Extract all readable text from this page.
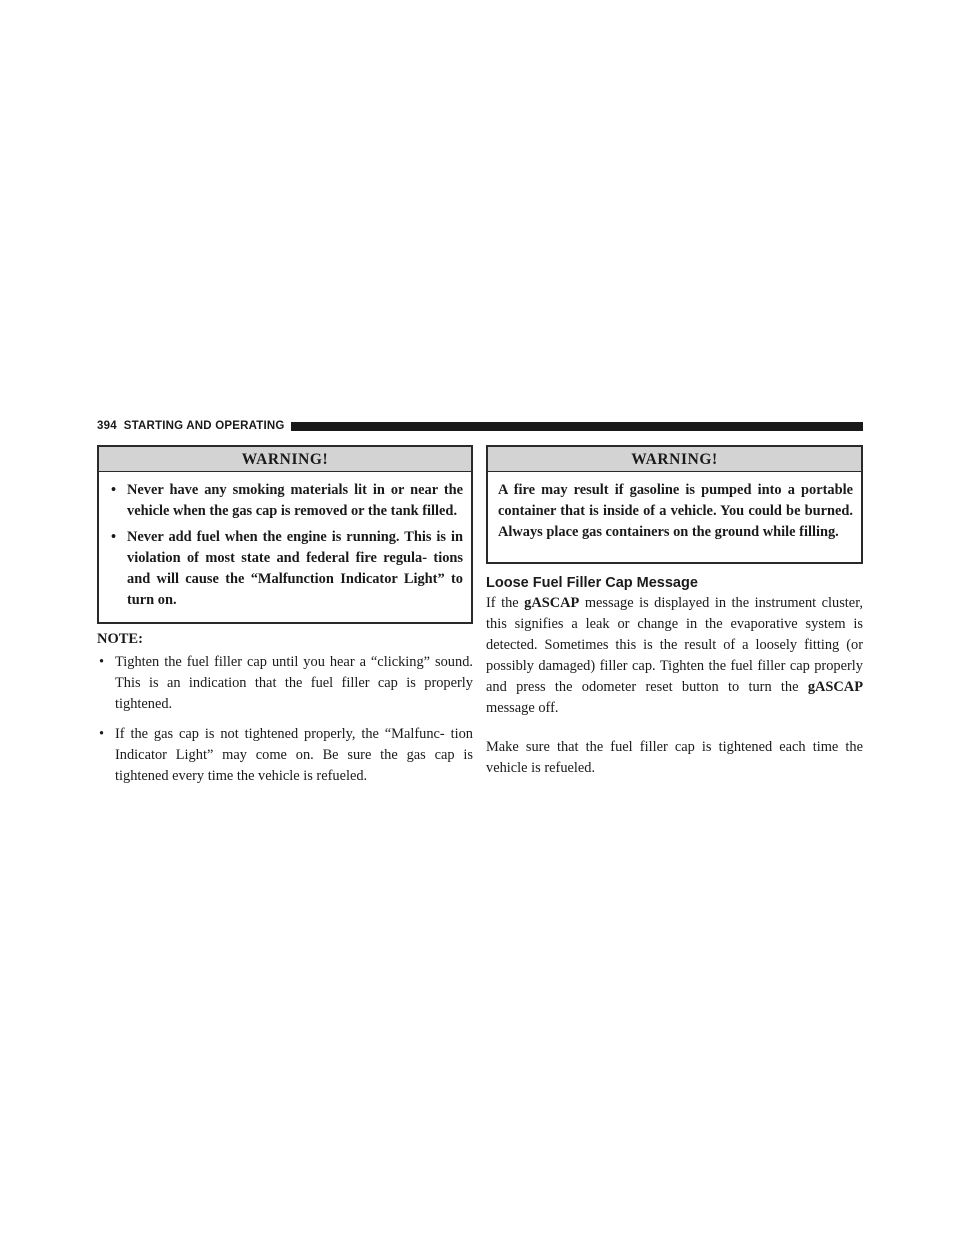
394 STARTING AND OPERATING
WARNING!
• Never have any smoking materials lit in or near the vehicle when the gas cap is removed or the tank filled.
• Never add fuel when the engine is running. This is in violation of most state and federal fire regula- tions and will cause the “Malfunction Indicator Light” to turn on.
NOTE:
• Tighten the fuel filler cap until you hear a “clicking” sound. This is an indication that the fuel filler cap is properly tightened.
• If the gas cap is not tightened properly, the “Malfunc- tion Indicator Light” may come on. Be sure the gas cap is tightened every time the vehicle is refueled.
WARNING!
A fire may result if gasoline is pumped into a portable container that is inside of a vehicle. You could be burned. Always place gas containers on the ground while filling.
Loose Fuel Filler Cap Message

If the gASCAP message is displayed in the instrument cluster, this signifies a leak or change in the evaporative system is detected. Sometimes this is the result of a loosely fitting (or possibly damaged) filler cap. Tighten the fuel filler cap properly and press the odometer reset button to turn the gASCAP message off.

Make sure that the fuel filler cap is tightened each time the vehicle is refueled.
